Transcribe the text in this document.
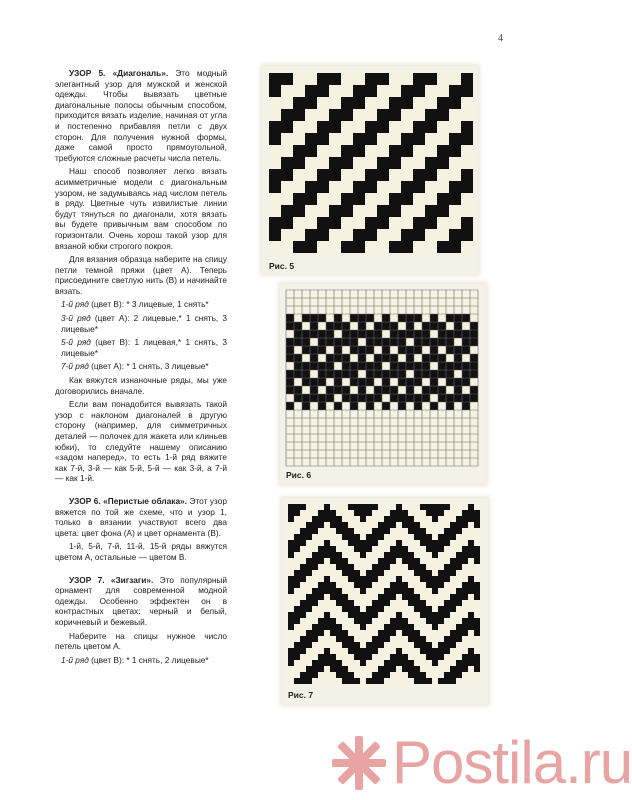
4

УЗОР 5. «Диагональ». Это модный элегантный узор для мужской и женской одежды. Чтобы вывязать цветные диагональные полосы обычным способом, приходится вязать изделие, начиная от угла и постепенно прибавляя петли с двух сторон. Для получения нужной формы, даже самой просто прямоугольной, требуются сложные расчеты числа петель.

Наш способ позволяет легко вязать асимметричные модели с диагональным узором, не задумываясь над числом петель в ряду. Цветные чуть извилистые линии будут тянуться по диагонали, хотя вязать вы будете привычным вам способом по горизонтали. Очень хорош такой узор для вязаной юбки строгого покроя.

Для вязания образца наберите на спицу петли темной пряжи (цвет А). Теперь присоедините светлую нить (В) и начинайте вязать.

1-й ряд (цвет В): * 3 лицевые, 1 снять*

3-й ряд (цвет А): 2 лицевые,* 1 снять, 3 лицевые*

5-й ряд (цвет В): 1 лицевая,* 1 снять, 3 лицевые*

7-й ряд (цвет А): * 1 снять, 3 лицевые*

Как вяжутся изнаночные ряды, мы уже договорились вначале.

Если вам понадобится вывязать такой узор с наклоном диагоналей в другую сторону (например, для симметричных деталей — полочек для жакета или клиньев юбки), то следуйте нашему описанию «задом наперед», то есть 1-й ряд вяжите как 7-й, 3-й — как 5-й, 5-й — как 3-й, а 7-й — как 1-й.

УЗОР 6. «Перистые облака». Этот узор вяжется по той же схеме, что и узор 1, только в вязании участвуют всего два цвета: цвет фона (А) и цвет орнамента (В).

1-й, 5-й, 7-й, 11-й, 15-й ряды вяжутся цветом А, остальные — цветом В.

УЗОР 7. «Зигзаги». Это популярный орнамент для современной модной одежды. Особенно эффектен он в контрастных цветах: черный и белый, коричневый и бежевый.

Наберите на спицы нужное число петель цветом А.

1-й ряд (цвет В): * 1 снять, 2 лицевые*

Рис. 5
Рис. 6
Рис. 7
Postila.ru
